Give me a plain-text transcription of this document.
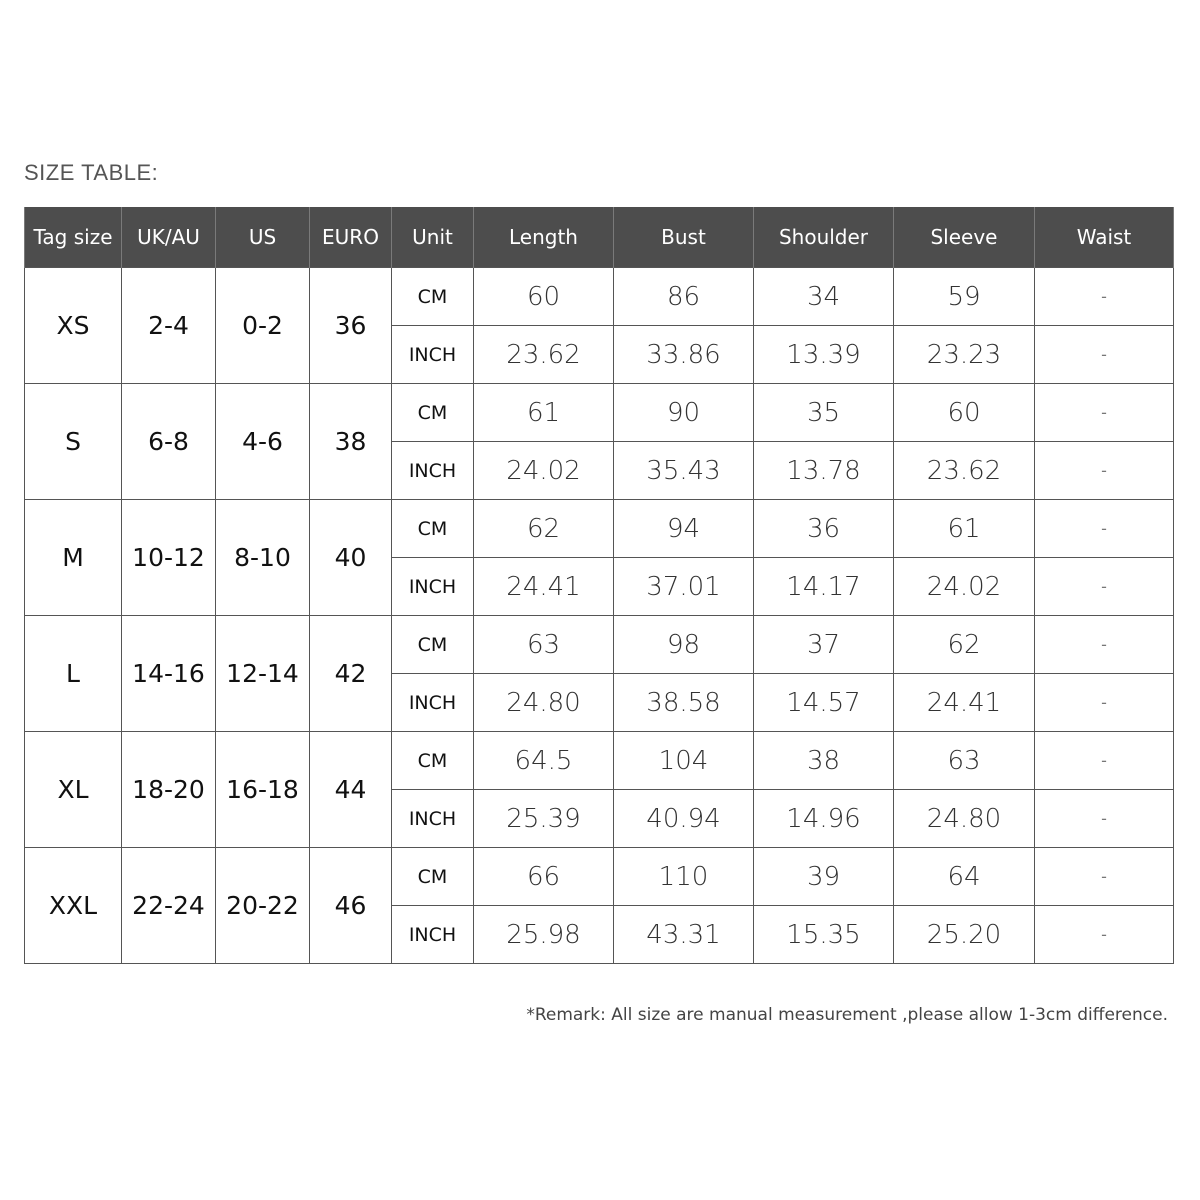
SIZE TABLE:
Tag size	UK/AU	US	EURO	Unit	Length	Bust	Shoulder	Sleeve	Waist
XS	2-4	0-2	36	CM	60	86	34	59	-
				INCH	23.62	33.86	13.39	23.23	-
S	6-8	4-6	38	CM	61	90	35	60	-
				INCH	24.02	35.43	13.78	23.62	-
M	10-12	8-10	40	CM	62	94	36	61	-
				INCH	24.41	37.01	14.17	24.02	-
L	14-16	12-14	42	CM	63	98	37	62	-
				INCH	24.80	38.58	14.57	24.41	-
XL	18-20	16-18	44	CM	64.5	104	38	63	-
				INCH	25.39	40.94	14.96	24.80	-
XXL	22-24	20-22	46	CM	66	110	39	64	-
				INCH	25.98	43.31	15.35	25.20	-
*Remark: All size are manual measurement ,please allow 1-3cm difference.
